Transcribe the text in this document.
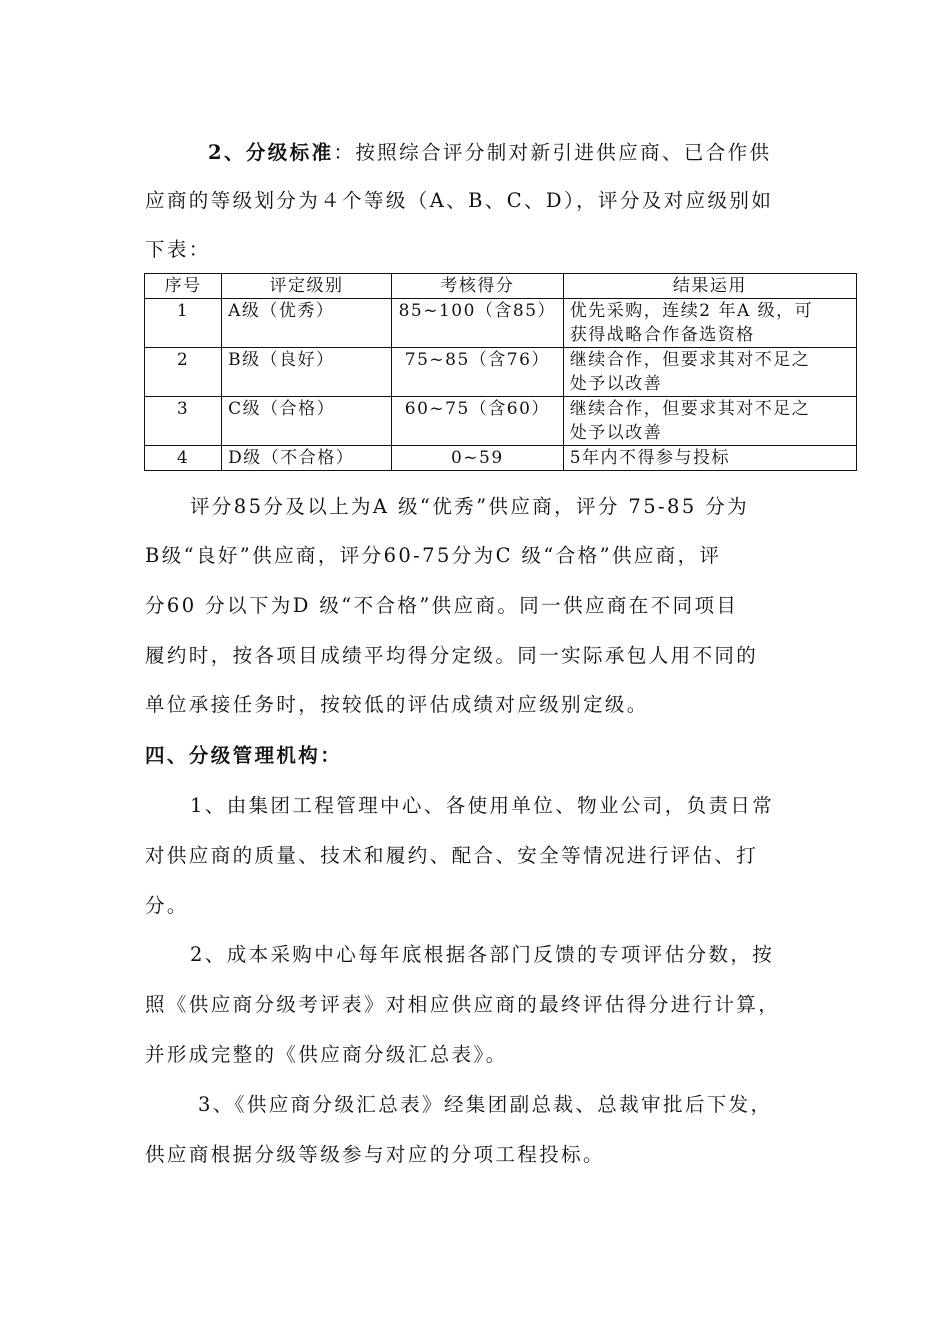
2、分级标准：按照综合评分制对新引进供应商、已合作供
应商的等级划分为４个等级（A、B、C、D），评分及对应级别如
下表：
序号	评定级别	考核得分	结果运用
1	A级（优秀）	85~100（含85）	优先采购，连续2 年A 级，可
获得战略合作备选资格

2	B级（良好）	75~85（含76）	继续合作，但要求其对不足之
处予以改善

3	C级（合格）	60~75（含60）	继续合作，但要求其对不足之
处予以改善

4	D级（不合格）	0~59	5年内不得参与投标
评分85分及以上为A 级“优秀”供应商，评分 75-85 分为
B级“良好”供应商，评分60-75分为C 级“合格”供应商，评
分60 分以下为D 级“不合格”供应商。同一供应商在不同项目
履约时，按各项目成绩平均得分定级。同一实际承包人用不同的
单位承接任务时，按较低的评估成绩对应级别定级。
四、分级管理机构：
1、由集团工程管理中心、各使用单位、物业公司，负责日常
对供应商的质量、技术和履约、配合、安全等情况进行评估、打
分。
2、成本采购中心每年底根据各部门反馈的专项评估分数，按
照《供应商分级考评表》对相应供应商的最终评估得分进行计算，
并形成完整的《供应商分级汇总表》。
3、《供应商分级汇总表》经集团副总裁、总裁审批后下发，
供应商根据分级等级参与对应的分项工程投标。
